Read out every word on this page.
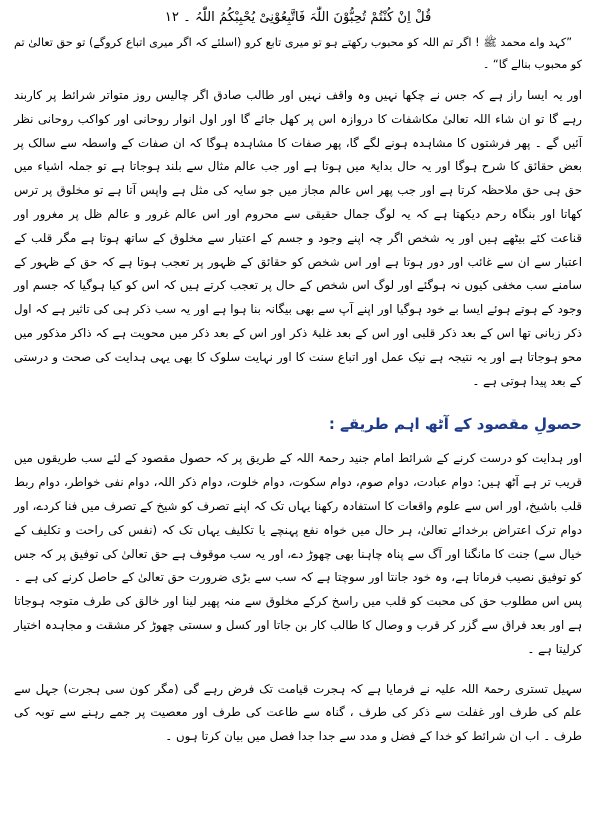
قُلْ اِنْ کُنْتُمْ تُحِبُّوْنَ اللّٰہَ فَاتَّبِعُوْنِیْ یُحْبِبْکُمُ اللّٰہُ ۔ ۱۲
”کہد واے محمد ﷺ ! اگر تم اللہ کو محبوب رکھتے ہو تو میری تابع کرو (اسلئے کہ اگر میری اتباع کروگے) تو حق تعالیٰ تم کو محبوب بنالے گا“ ۔
اور یہ ایسا راز ہے کہ جس نے چکھا نہیں وہ واقف نہیں اور طالب صادق اگر چالیس روز متواتر شرائط پر کاربند رہے گا تو ان شاء اللہ تعالیٰ مکاشفات کا دروازہ اس پر کھل جائے گا اور اول انوار روحانی اور کواکب روحانی نظر آئیں گے ۔ پھر فرشتوں کا مشاہدہ ہونے لگے گا، پھر صفات کا مشاہدہ ہوگا کہ ان صفات کے واسطہ سے سالک پر بعض حقائق کا شرح ہوگا اور یہ حال بدایۃ میں ہوتا ہے اور جب عالم مثال سے بلند ہوجاتا ہے تو جملہ اشیاء میں حق ہی حق ملاحظہ کرتا ہے اور جب پھر اس عالم مجاز میں جو سایہ کی مثل ہے واپس آتا ہے تو مخلوق پر ترس کھاتا اور بنگاہ رحم دیکھتا ہے کہ یہ لوگ جمال حقیقی سے محروم اور اس عالم غرور و عالم ظل پر مغرور اور قناعت کئے بیٹھے ہیں اور یہ شخص اگر چہ اپنے وجود و جسم کے اعتبار سے مخلوق کے ساتھ ہوتا ہے مگر قلب کے اعتبار سے ان سے غائب اور دور ہوتا ہے اور اس شخص کو حقائق کے ظہور پر تعجب ہوتا ہے کہ حق کے ظہور کے سامنے سب مخفی کیوں نہ ہوگئے اور لوگ اس شخص کے حال پر تعجب کرتے ہیں کہ اس کو کیا ہوگیا کہ جسم اور وجود کے ہوتے ہوئے ایسا بے خود ہوگیا اور اپنے آپ سے بھی بیگانہ بنا ہوا ہے اور یہ سب ذکر ہی کی تاثیر ہے کہ اول ذکر زبانی تھا اس کے بعد ذکر قلبی اور اس کے بعد غلبۂ ذکر اور اس کے بعد ذکر میں محویت ہے کہ ذاکر مذکور میں محو ہوجاتا ہے اور یہ نتیجہ ہے نیک عمل اور اتباع سنت کا اور نہایت سلوک کا بھی یہی ہدایت کی صحت و درستی کے بعد پیدا ہوتی ہے ۔
حصولِ مقصود کے آٹھ اہم طریقے :
اور ہدایت کو درست کرنے کے شرائط امام جنید رحمۃ اللہ کے طریق پر کہ حصول مقصود کے لئے سب طریقوں میں قریب تر ہے آٹھ ہیں: دوام عبادت، دوام صوم، دوام سکوت، دوام خلوت، دوام ذکر اللہ، دوام نفی خواطر، دوام ربط قلب باشیخ، اور اس سے علوم واقعات کا استفادہ رکھنا یہاں تک کہ اپنے تصرف کو شیخ کے تصرف میں فنا کردے، اور دوام ترک اعتراض برخدائے تعالیٰ، ہر حال میں خواہ نفع پہنچے یا تکلیف یہاں تک کہ (نفس کی راحت و تکلیف کے خیال سے) جنت کا مانگنا اور آگ سے پناہ چاہنا بھی چھوڑ دے، اور یہ سب موقوف ہے حق تعالیٰ کی توفیق پر کہ جس کو توفیق نصیب فرماتا ہے، وہ خود جانتا اور سوچتا ہے کہ سب سے بڑی ضرورت حق تعالیٰ کے حاصل کرنے کی ہے ۔ پس اس مطلوب حق کی محبت کو قلب میں راسخ کرکے مخلوق سے منہ پھیر لینا اور خالق کی طرف متوجہ ہوجاتا ہے اور بعد فراق سے گزر کر قرب و وصال کا طالب کار بن جاتا اور کسل و سستی چھوڑ کر مشقت و مجاہدہ اختیار کرلیتا ہے ۔
سہیل تستری رحمۃ اللہ علیہ نے فرمایا ہے کہ ہجرت قیامت تک فرض رہے گی (مگر کون سی ہجرت) جہل سے علم کی طرف اور غفلت سے ذکر کی طرف ، گناہ سے طاعت کی طرف اور معصیت پر جمے رہنے سے توبہ کی طرف ۔ اب ان شرائط کو خدا کے فضل و مدد سے جدا جدا فصل میں بیان کرتا ہوں ۔
